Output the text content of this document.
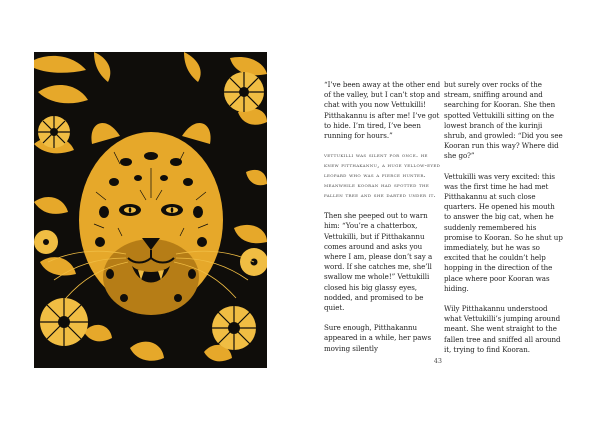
“I’ve been away at the other end of the valley, but I can’t stop and chat with you now Vettukilli! Pitthakannu is after me! I’ve got to hide. I’m tired, I’ve been running for hours.”

vettukilli was silent for once. he knew pitthakannu, a huge yellow-eyed leopard who was a fierce hunter. meanwhile kooran had spotted the fallen tree and she darted under it.

Then she peeped out to warn him: “You’re a chatterbox, Vettukilli, but if Pitthakannu comes around and asks you where I am, please don’t say a word. If she catches me, she’ll swallow me whole!” Vettukilli closed his big glassy eyes, nodded, and promised to be quiet.

Sure enough, Pitthakannu appeared in a while, her paws moving silently

but surely over rocks of the stream, sniffing around and searching for Kooran. She then spotted Vettukilli sitting on the lowest branch of the kurinji shrub, and growled: “Did you see Kooran run this way? Where did she go?”

Vettukilli was very excited: this was the first time he had met Pitthakannu at such close quarters. He opened his mouth to answer the big cat, when he suddenly remembered his promise to Kooran. So he shut up immediately, but he was so excited that he couldn’t help hopping in the direction of the place where poor Kooran was hiding.

Wily Pitthakannu understood what Vettukilli’s jumping around meant. She went straight to the fallen tree and sniffed all around it, trying to find Kooran.

43
